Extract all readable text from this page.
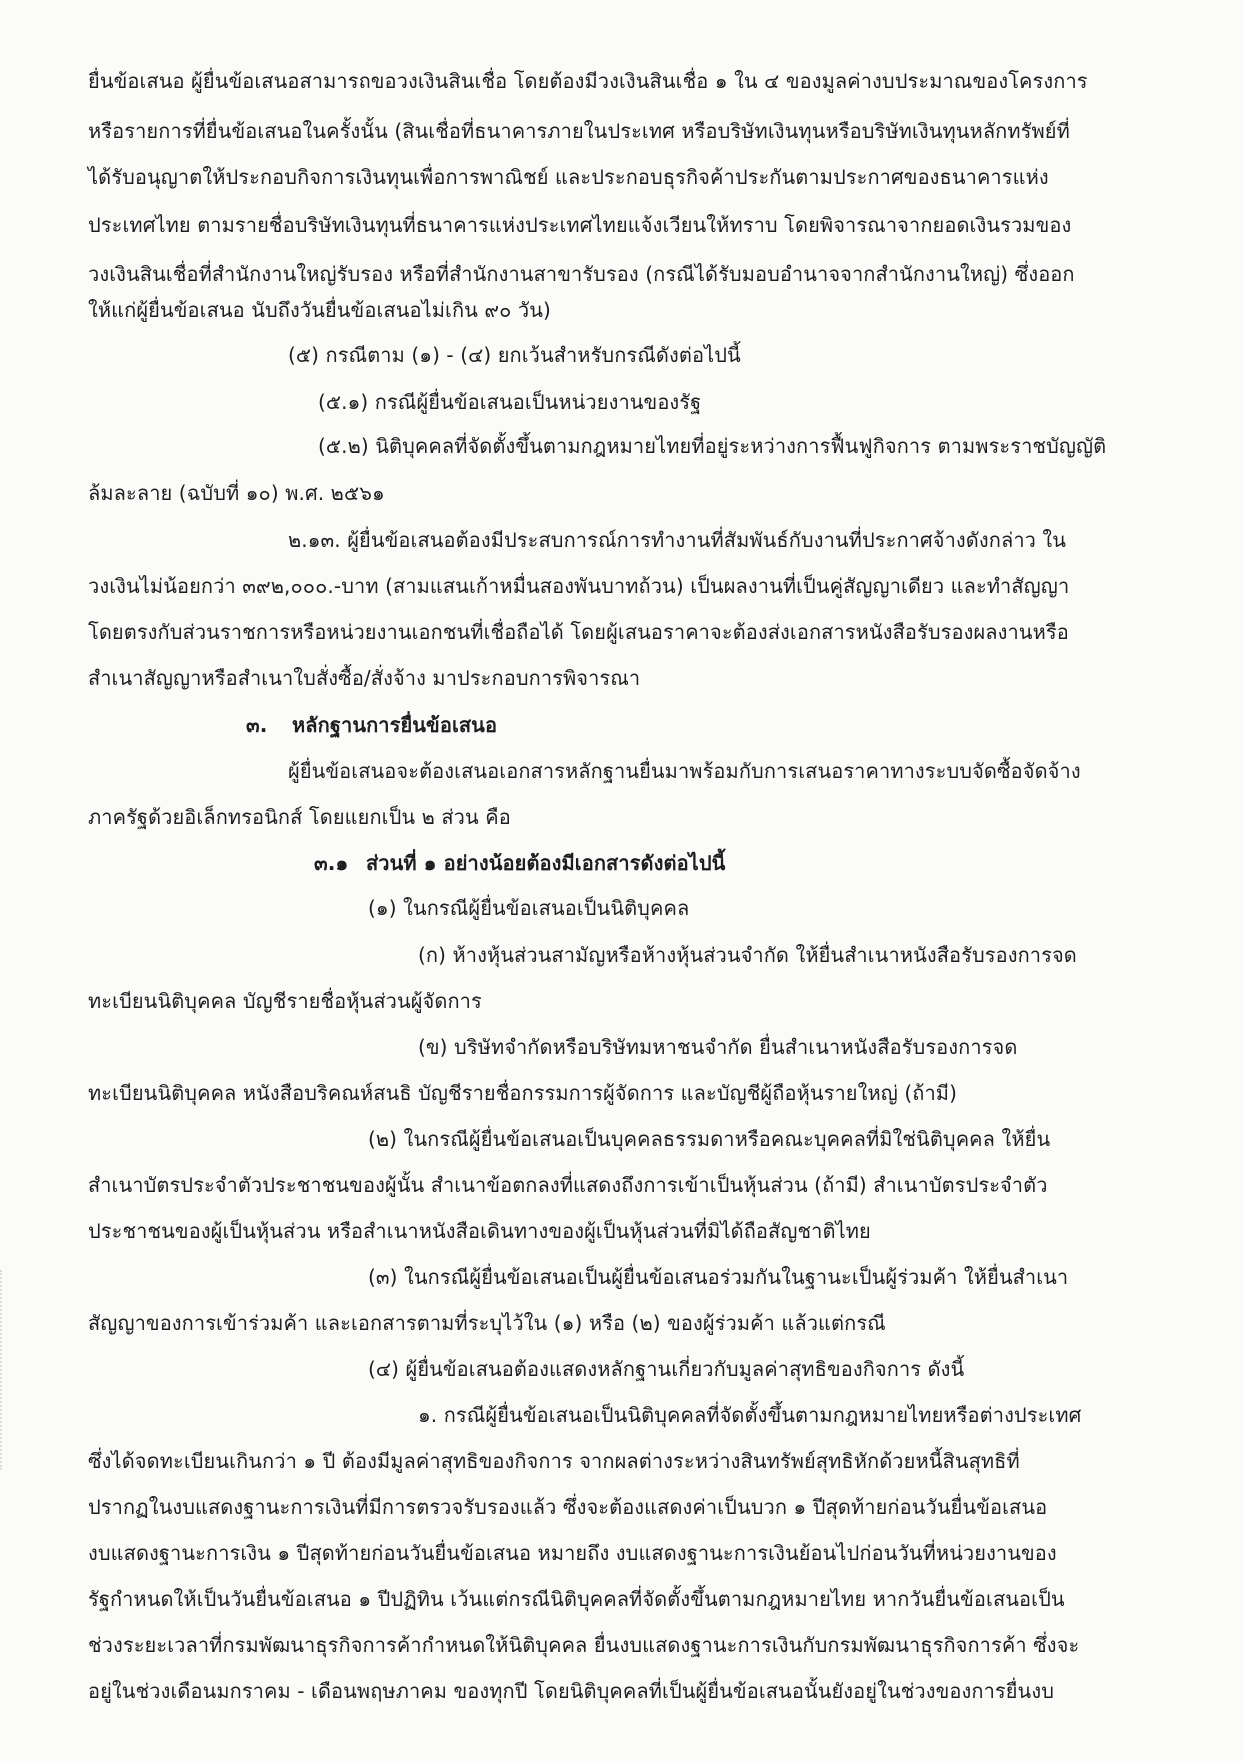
ยื่นข้อเสนอ ผู้ยื่นข้อเสนอสามารถขอวงเงินสินเชื่อ โดยต้องมีวงเงินสินเชื่อ ๑ ใน ๔ ของมูลค่างบประมาณของโครงการ
หรือรายการที่ยื่นข้อเสนอในครั้งนั้น (สินเชื่อที่ธนาคารภายในประเทศ หรือบริษัทเงินทุนหรือบริษัทเงินทุนหลักทรัพย์ที่
ได้รับอนุญาตให้ประกอบกิจการเงินทุนเพื่อการพาณิชย์ และประกอบธุรกิจค้าประกันตามประกาศของธนาคารแห่ง
ประเทศไทย ตามรายชื่อบริษัทเงินทุนที่ธนาคารแห่งประเทศไทยแจ้งเวียนให้ทราบ โดยพิจารณาจากยอดเงินรวมของ
วงเงินสินเชื่อที่สำนักงานใหญ่รับรอง หรือที่สำนักงานสาขารับรอง (กรณีได้รับมอบอำนาจจากสำนักงานใหญ่) ซึ่งออก
ให้แก่ผู้ยื่นข้อเสนอ นับถึงวันยื่นข้อเสนอไม่เกิน ๙๐ วัน)
(๕) กรณีตาม (๑) - (๔) ยกเว้นสำหรับกรณีดังต่อไปนี้
(๕.๑) กรณีผู้ยื่นข้อเสนอเป็นหน่วยงานของรัฐ
(๕.๒) นิติบุคคลที่จัดตั้งขึ้นตามกฎหมายไทยที่อยู่ระหว่างการฟื้นฟูกิจการ ตามพระราชบัญญัติ
ล้มละลาย (ฉบับที่ ๑๐) พ.ศ. ๒๕๖๑
๒.๑๓. ผู้ยื่นข้อเสนอต้องมีประสบการณ์การทำงานที่สัมพันธ์กับงานที่ประกาศจ้างดังกล่าว ใน
วงเงินไม่น้อยกว่า ๓๙๒,๐๐๐.-บาท (สามแสนเก้าหมื่นสองพันบาทถ้วน) เป็นผลงานที่เป็นคู่สัญญาเดียว และทำสัญญา
โดยตรงกับส่วนราชการหรือหน่วยงานเอกชนที่เชื่อถือได้ โดยผู้เสนอราคาจะต้องส่งเอกสารหนังสือรับรองผลงานหรือ
สำเนาสัญญาหรือสำเนาใบสั่งซื้อ/สั่งจ้าง มาประกอบการพิจารณา
๓. หลักฐานการยื่นข้อเสนอ
ผู้ยื่นข้อเสนอจะต้องเสนอเอกสารหลักฐานยื่นมาพร้อมกับการเสนอราคาทางระบบจัดซื้อจัดจ้าง
ภาครัฐด้วยอิเล็กทรอนิกส์ โดยแยกเป็น ๒ ส่วน คือ
๓.๑ ส่วนที่ ๑ อย่างน้อยต้องมีเอกสารดังต่อไปนี้
(๑) ในกรณีผู้ยื่นข้อเสนอเป็นนิติบุคคล
(ก) ห้างหุ้นส่วนสามัญหรือห้างหุ้นส่วนจำกัด ให้ยื่นสำเนาหนังสือรับรองการจด
ทะเบียนนิติบุคคล บัญชีรายชื่อหุ้นส่วนผู้จัดการ
(ข) บริษัทจำกัดหรือบริษัทมหาชนจำกัด ยื่นสำเนาหนังสือรับรองการจด
ทะเบียนนิติบุคคล หนังสือบริคณห์สนธิ บัญชีรายชื่อกรรมการผู้จัดการ และบัญชีผู้ถือหุ้นรายใหญ่ (ถ้ามี)
(๒) ในกรณีผู้ยื่นข้อเสนอเป็นบุคคลธรรมดาหรือคณะบุคคลที่มิใช่นิติบุคคล ให้ยื่น
สำเนาบัตรประจำตัวประชาชนของผู้นั้น สำเนาข้อตกลงที่แสดงถึงการเข้าเป็นหุ้นส่วน (ถ้ามี) สำเนาบัตรประจำตัว
ประชาชนของผู้เป็นหุ้นส่วน หรือสำเนาหนังสือเดินทางของผู้เป็นหุ้นส่วนที่มิได้ถือสัญชาติไทย
(๓) ในกรณีผู้ยื่นข้อเสนอเป็นผู้ยื่นข้อเสนอร่วมกันในฐานะเป็นผู้ร่วมค้า ให้ยื่นสำเนา
สัญญาของการเข้าร่วมค้า และเอกสารตามที่ระบุไว้ใน (๑) หรือ (๒) ของผู้ร่วมค้า แล้วแต่กรณี
(๔) ผู้ยื่นข้อเสนอต้องแสดงหลักฐานเกี่ยวกับมูลค่าสุทธิของกิจการ ดังนี้
๑. กรณีผู้ยื่นข้อเสนอเป็นนิติบุคคลที่จัดตั้งขึ้นตามกฎหมายไทยหรือต่างประเทศ
ซึ่งได้จดทะเบียนเกินกว่า ๑ ปี ต้องมีมูลค่าสุทธิของกิจการ จากผลต่างระหว่างสินทรัพย์สุทธิหักด้วยหนี้สินสุทธิที่
ปรากฏในงบแสดงฐานะการเงินที่มีการตรวจรับรองแล้ว ซึ่งจะต้องแสดงค่าเป็นบวก ๑ ปีสุดท้ายก่อนวันยื่นข้อเสนอ
งบแสดงฐานะการเงิน ๑ ปีสุดท้ายก่อนวันยื่นข้อเสนอ หมายถึง งบแสดงฐานะการเงินย้อนไปก่อนวันที่หน่วยงานของ
รัฐกำหนดให้เป็นวันยื่นข้อเสนอ ๑ ปีปฏิทิน เว้นแต่กรณีนิติบุคคลที่จัดตั้งขึ้นตามกฎหมายไทย หากวันยื่นข้อเสนอเป็น
ช่วงระยะเวลาที่กรมพัฒนาธุรกิจการค้ากำหนดให้นิติบุคคล ยื่นงบแสดงฐานะการเงินกับกรมพัฒนาธุรกิจการค้า ซึ่งจะ
อยู่ในช่วงเดือนมกราคม - เดือนพฤษภาคม ของทุกปี โดยนิติบุคคลที่เป็นผู้ยื่นข้อเสนอนั้นยังอยู่ในช่วงของการยื่นงบ
